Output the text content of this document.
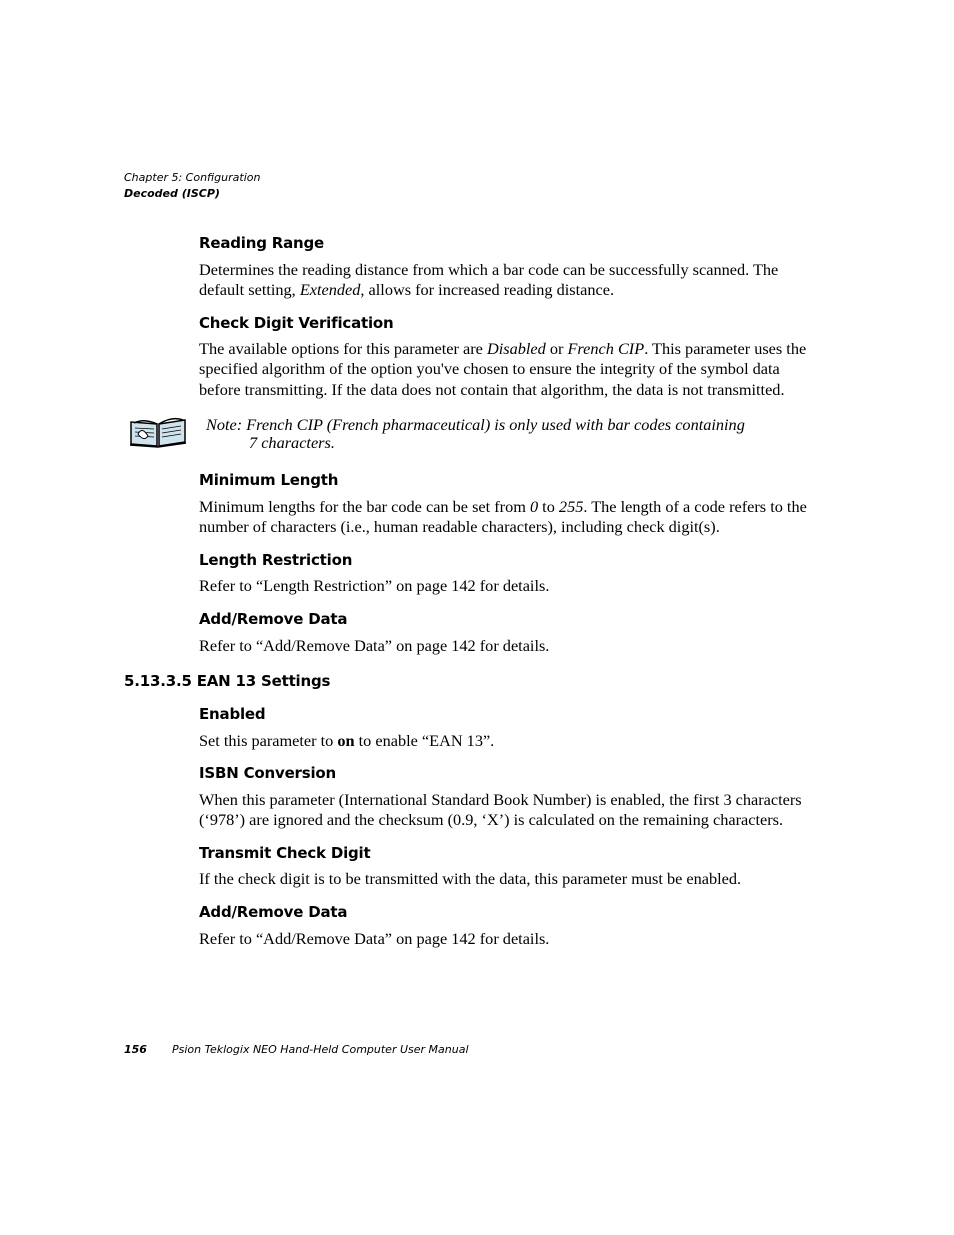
Chapter 5: Configuration
Decoded (ISCP)
Reading Range

Determines the reading distance from which a bar code can be successfully scanned. The default setting, Extended, allows for increased reading distance.

Check Digit Verification

The available options for this parameter are Disabled or French CIP. This parameter uses the specified algorithm of the option you've chosen to ensure the integrity of the symbol data before transmitting. If the data does not contain that algorithm, the data is not transmitted.

Note: French CIP (French pharmaceutical) is only used with bar codes containing
7 characters.

Minimum Length

Minimum lengths for the bar code can be set from 0 to 255. The length of a code refers to the number of characters (i.e., human readable characters), including check digit(s).

Length Restriction

Refer to “Length Restriction” on page 142 for details.

Add/Remove Data

Refer to “Add/Remove Data” on page 142 for details.

5.13.3.5 EAN 13 Settings
Enabled

Set this parameter to on to enable “EAN 13”.

ISBN Conversion

When this parameter (International Standard Book Number) is enabled, the first 3 characters (‘978’) are ignored and the checksum (0.9, ‘X’) is calculated on the remaining characters.

Transmit Check Digit

If the check digit is to be transmitted with the data, this parameter must be enabled.

Add/Remove Data

Refer to “Add/Remove Data” on page 142 for details.

156 Psion Teklogix NEO Hand-Held Computer User Manual
